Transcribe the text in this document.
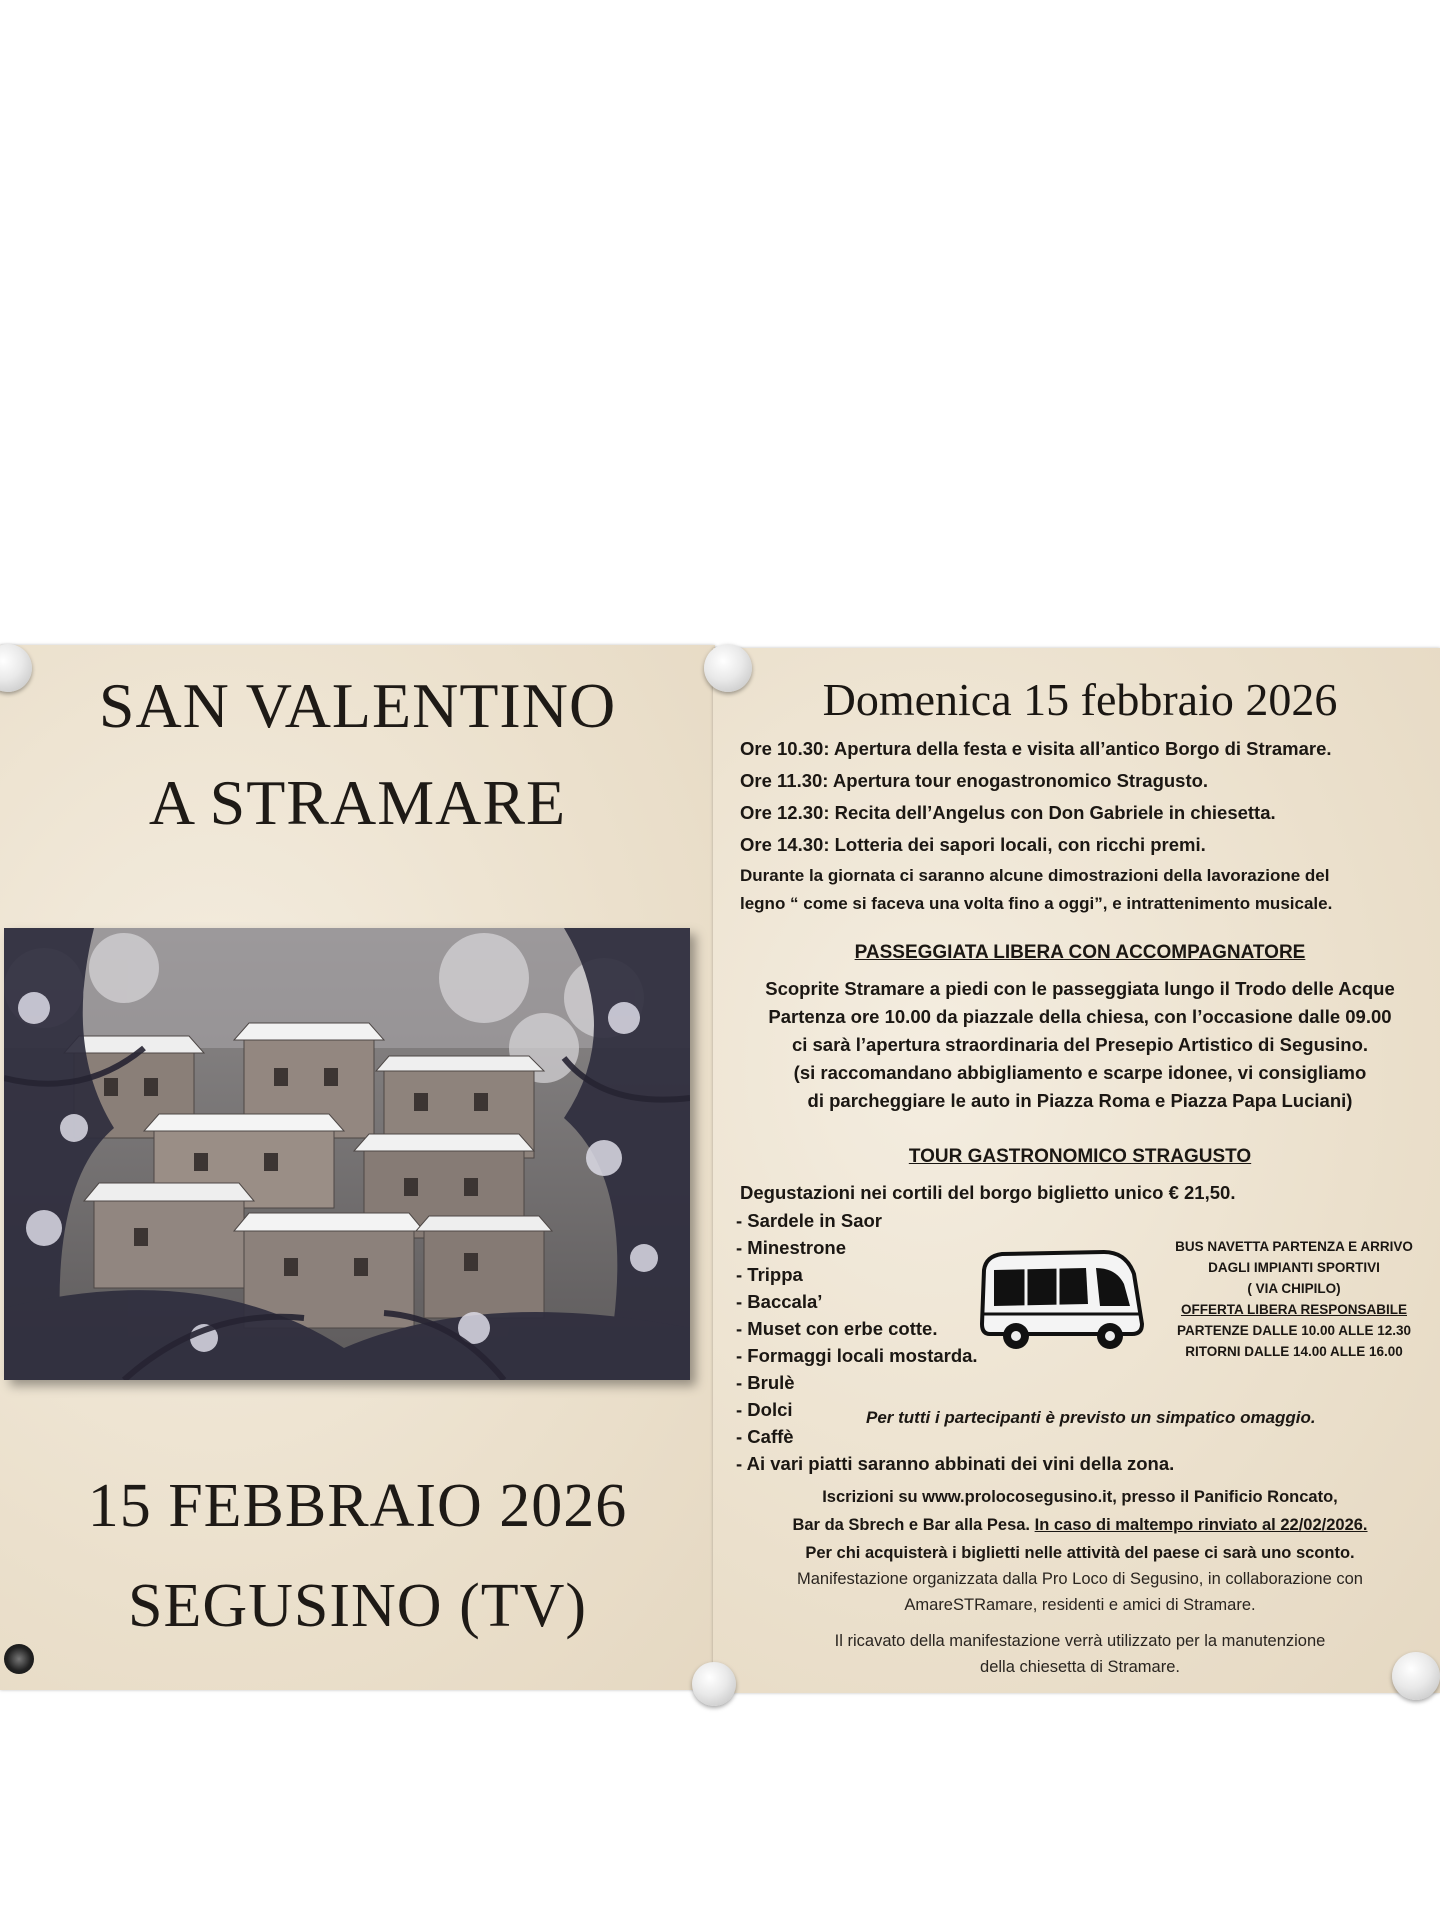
SAN VALENTINO
A STRAMARE
15 FEBBRAIO 2026
SEGUSINO (TV)
Domenica 15 febbraio 2026
Ore 10.30: Apertura della festa e visita all’antico Borgo di Stramare.
Ore 11.30: Apertura tour enogastronomico Stragusto.
Ore 12.30: Recita dell’Angelus con Don Gabriele in chiesetta.
Ore 14.30: Lotteria dei sapori locali, con ricchi premi.
Durante la giornata ci saranno alcune dimostrazioni della lavorazione del
legno “ come si faceva una volta fino a oggi”, e intrattenimento musicale.
PASSEGGIATA LIBERA CON ACCOMPAGNATORE
Scoprite Stramare a piedi con le passeggiata lungo il Trodo delle Acque
Partenza ore 10.00 da piazzale della chiesa, con l’occasione dalle 09.00
ci sarà l’apertura straordinaria del Presepio Artistico di Segusino.
(si raccomandano abbigliamento e scarpe idonee, vi consigliamo
di parcheggiare le auto in Piazza Roma e Piazza Papa Luciani)
TOUR GASTRONOMICO STRAGUSTO
Degustazioni nei cortili del borgo biglietto unico € 21,50.
- Sardele in Saor
- Minestrone
- Trippa
- Baccala’
- Muset con erbe cotte.
- Formaggi locali mostarda.
- Brulè
- Dolci
- Caffè
- Ai vari piatti saranno abbinati dei vini della zona.
BUS NAVETTA PARTENZA E ARRIVO
DAGLI IMPIANTI SPORTIVI
( VIA CHIPILO)
OFFERTA LIBERA RESPONSABILE
PARTENZE DALLE 10.00 ALLE 12.30
RITORNI DALLE 14.00 ALLE 16.00
Per tutti i partecipanti è previsto un simpatico omaggio.
Iscrizioni su www.prolocosegusino.it, presso il Panificio Roncato,
Bar da Sbrech e Bar alla Pesa. In caso di maltempo rinviato al 22/02/2026.
Per chi acquisterà i biglietti nelle attività del paese ci sarà uno sconto.
Manifestazione organizzata dalla Pro Loco di Segusino, in collaborazione con
AmareSTRamare, residenti e amici di Stramare.
Il ricavato della manifestazione verrà utilizzato per la manutenzione
della chiesetta di Stramare.
